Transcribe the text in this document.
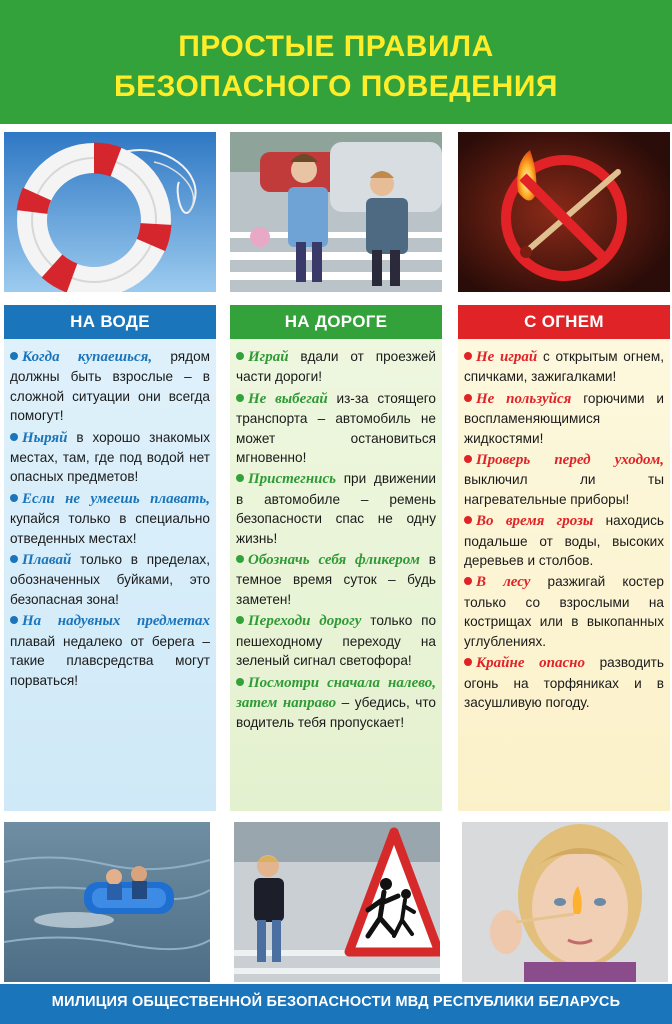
ПРОСТЫЕ ПРАВИЛА
БЕЗОПАСНОГО ПОВЕДЕНИЯ
НА ВОДЕ
Когда купаешься, рядом должны быть взрослые – в сложной ситуации они всегда помогут!
Ныряй в хорошо знакомых местах, там, где под водой нет опасных предметов!
Если не умеешь плавать, купайся только в специально отведенных местах!
Плавай только в пределах, обозначенных буйками, это безопасная зона!
На надувных предметах плавай недалеко от берега – такие плавсредства могут порваться!
НА ДОРОГЕ
Играй вдали от проезжей части дороги!
Не выбегай из-за стоящего транспорта – автомобиль не может остановиться мгновенно!
Пристегнись при движении в автомобиле – ремень безопасности спас не одну жизнь!
Обозначь себя фликером в темное время суток – будь заметен!
Переходи дорогу только по пешеходному переходу на зеленый сигнал светофора!
Посмотри сначала налево, затем направо – убедись, что водитель тебя пропускает!
С ОГНЕМ
Не играй с открытым огнем, спичками, зажигалками!
Не пользуйся горючими и воспламеняющимися жидкостями!
Проверь перед уходом, выключил ли ты нагревательные приборы!
Во время грозы находись подальше от воды, высоких деревьев и столбов.
В лесу разжигай костер только со взрослыми на кострищах или в выкопанных углублениях.
Крайне опасно разводить огонь на торфяниках и в засушливую погоду.
МИЛИЦИЯ ОБЩЕСТВЕННОЙ БЕЗОПАСНОСТИ МВД РЕСПУБЛИКИ БЕЛАРУСЬ
